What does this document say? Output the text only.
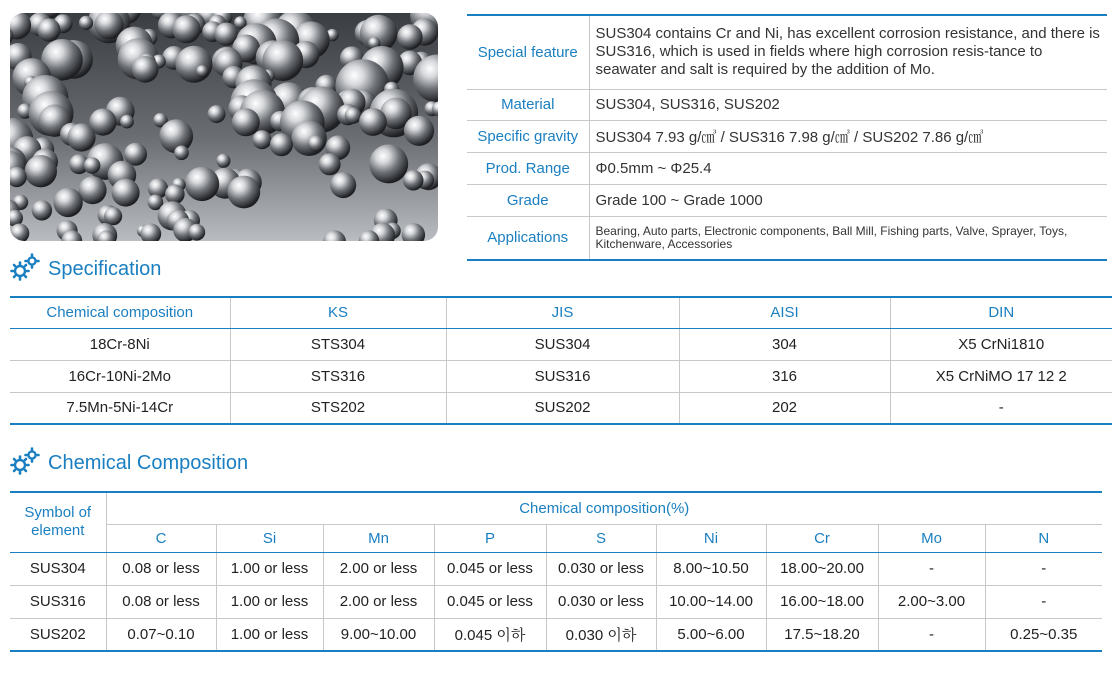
Special feature	SUS304 contains Cr and Ni, has excellent corrosion resistance, and there is SUS316, which is used in fields where high corrosion resis-tance to seawater and salt is required by the addition of Mo.
Material	SUS304, SUS316, SUS202
Specific gravity	SUS304 7.93 g/㎤ / SUS316 7.98 g/㎤ / SUS202 7.86 g/㎤
Prod. Range	Φ0.5mm ~ Φ25.4
Grade	Grade 100 ~ Grade 1000
Applications	Bearing, Auto parts, Electronic components, Ball Mill, Fishing parts, Valve, Sprayer, Toys, Kitchenware, Accessories
Specification
Chemical composition	KS	JIS	AISI	DIN
18Cr-8Ni	STS304	SUS304	304	X5 CrNi1810
16Cr-10Ni-2Mo	STS316	SUS316	316	X5 CrNiMO 17 12 2
7.5Mn-5Ni-14Cr	STS202	SUS202	202	-
Chemical Composition
Symbol of element	Chemical composition(%)								
	C	Si	Mn	P	S	Ni	Cr	Mo	N
SUS304	0.08 or less	1.00 or less	2.00 or less	0.045 or less	0.030 or less	8.00~10.50	18.00~20.00	-	-
SUS316	0.08 or less	1.00 or less	2.00 or less	0.045 or less	0.030 or less	10.00~14.00	16.00~18.00	2.00~3.00	-
SUS202	0.07~0.10	1.00 or less	9.00~10.00	0.045 이하	0.030 이하	5.00~6.00	17.5~18.20	-	0.25~0.35
